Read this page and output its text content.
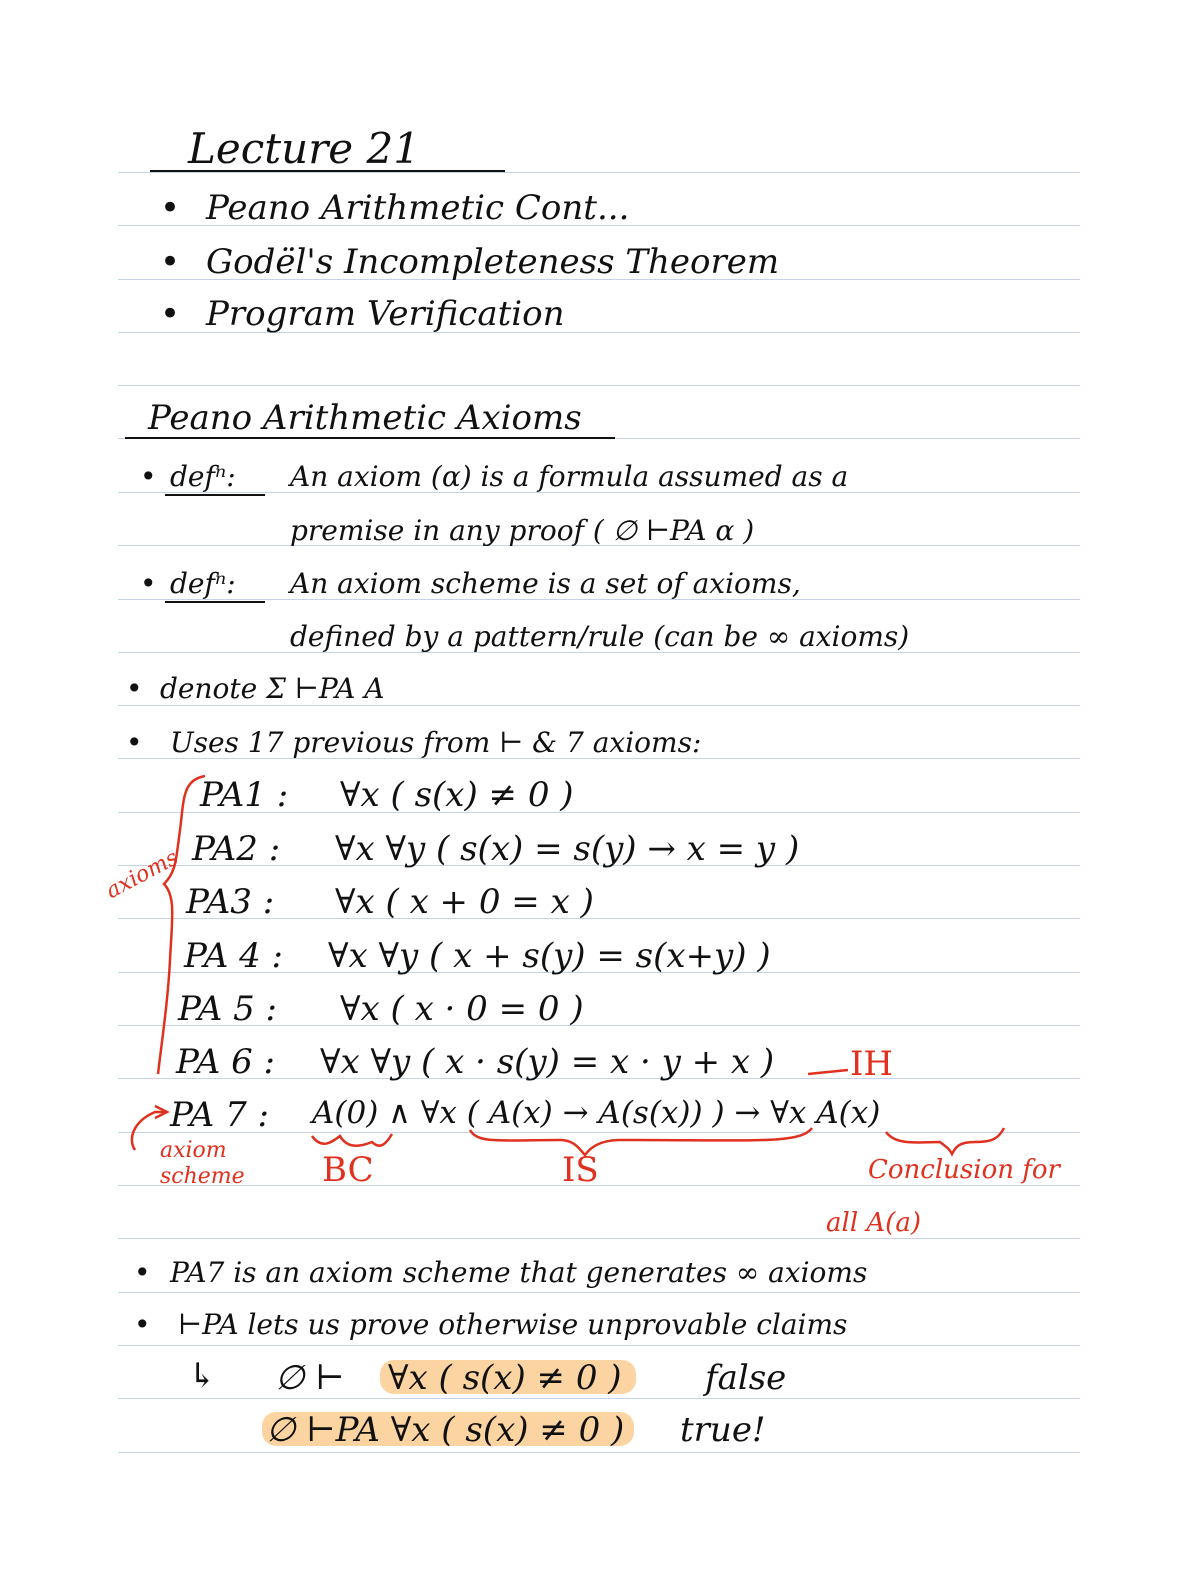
Lecture 21
• Peano Arithmetic Cont...
• Godël's Incompleteness Theorem
• Program Verification
Peano Arithmetic Axioms
• defⁿ: An axiom (α) is a formula assumed as a
premise in any proof ( ∅ ⊢PA α )
• defⁿ: An axiom scheme is a set of axioms,
defined by a pattern/rule (can be ∞ axioms)
• denote Σ ⊢PA A
• Uses 17 previous from ⊢ & 7 axioms:
PA1 : ∀x ( s(x) ≠ 0 )
PA2 : ∀x ∀y ( s(x) = s(y) → x = y )
PA3 : ∀x ( x + 0 = x )
PA 4 : ∀x ∀y ( x + s(y) = s(x+y) )
PA 5 : ∀x ( x · 0 = 0 )
PA 6 : ∀x ∀y ( x · s(y) = x · y + x )
PA 7 : A(0) ∧ ∀x ( A(x) → A(s(x)) ) → ∀x A(x)
axioms
IH
axiom
scheme BC	IS	Conclusion for
all A(a)
• PA7 is an axiom scheme that generates ∞ axioms
• ⊢PA lets us prove otherwise unprovable claims
↳ ∅ ⊢ ∀x ( s(x) ≠ 0 ) false
∅ ⊢PA ∀x ( s(x) ≠ 0 ) true!
